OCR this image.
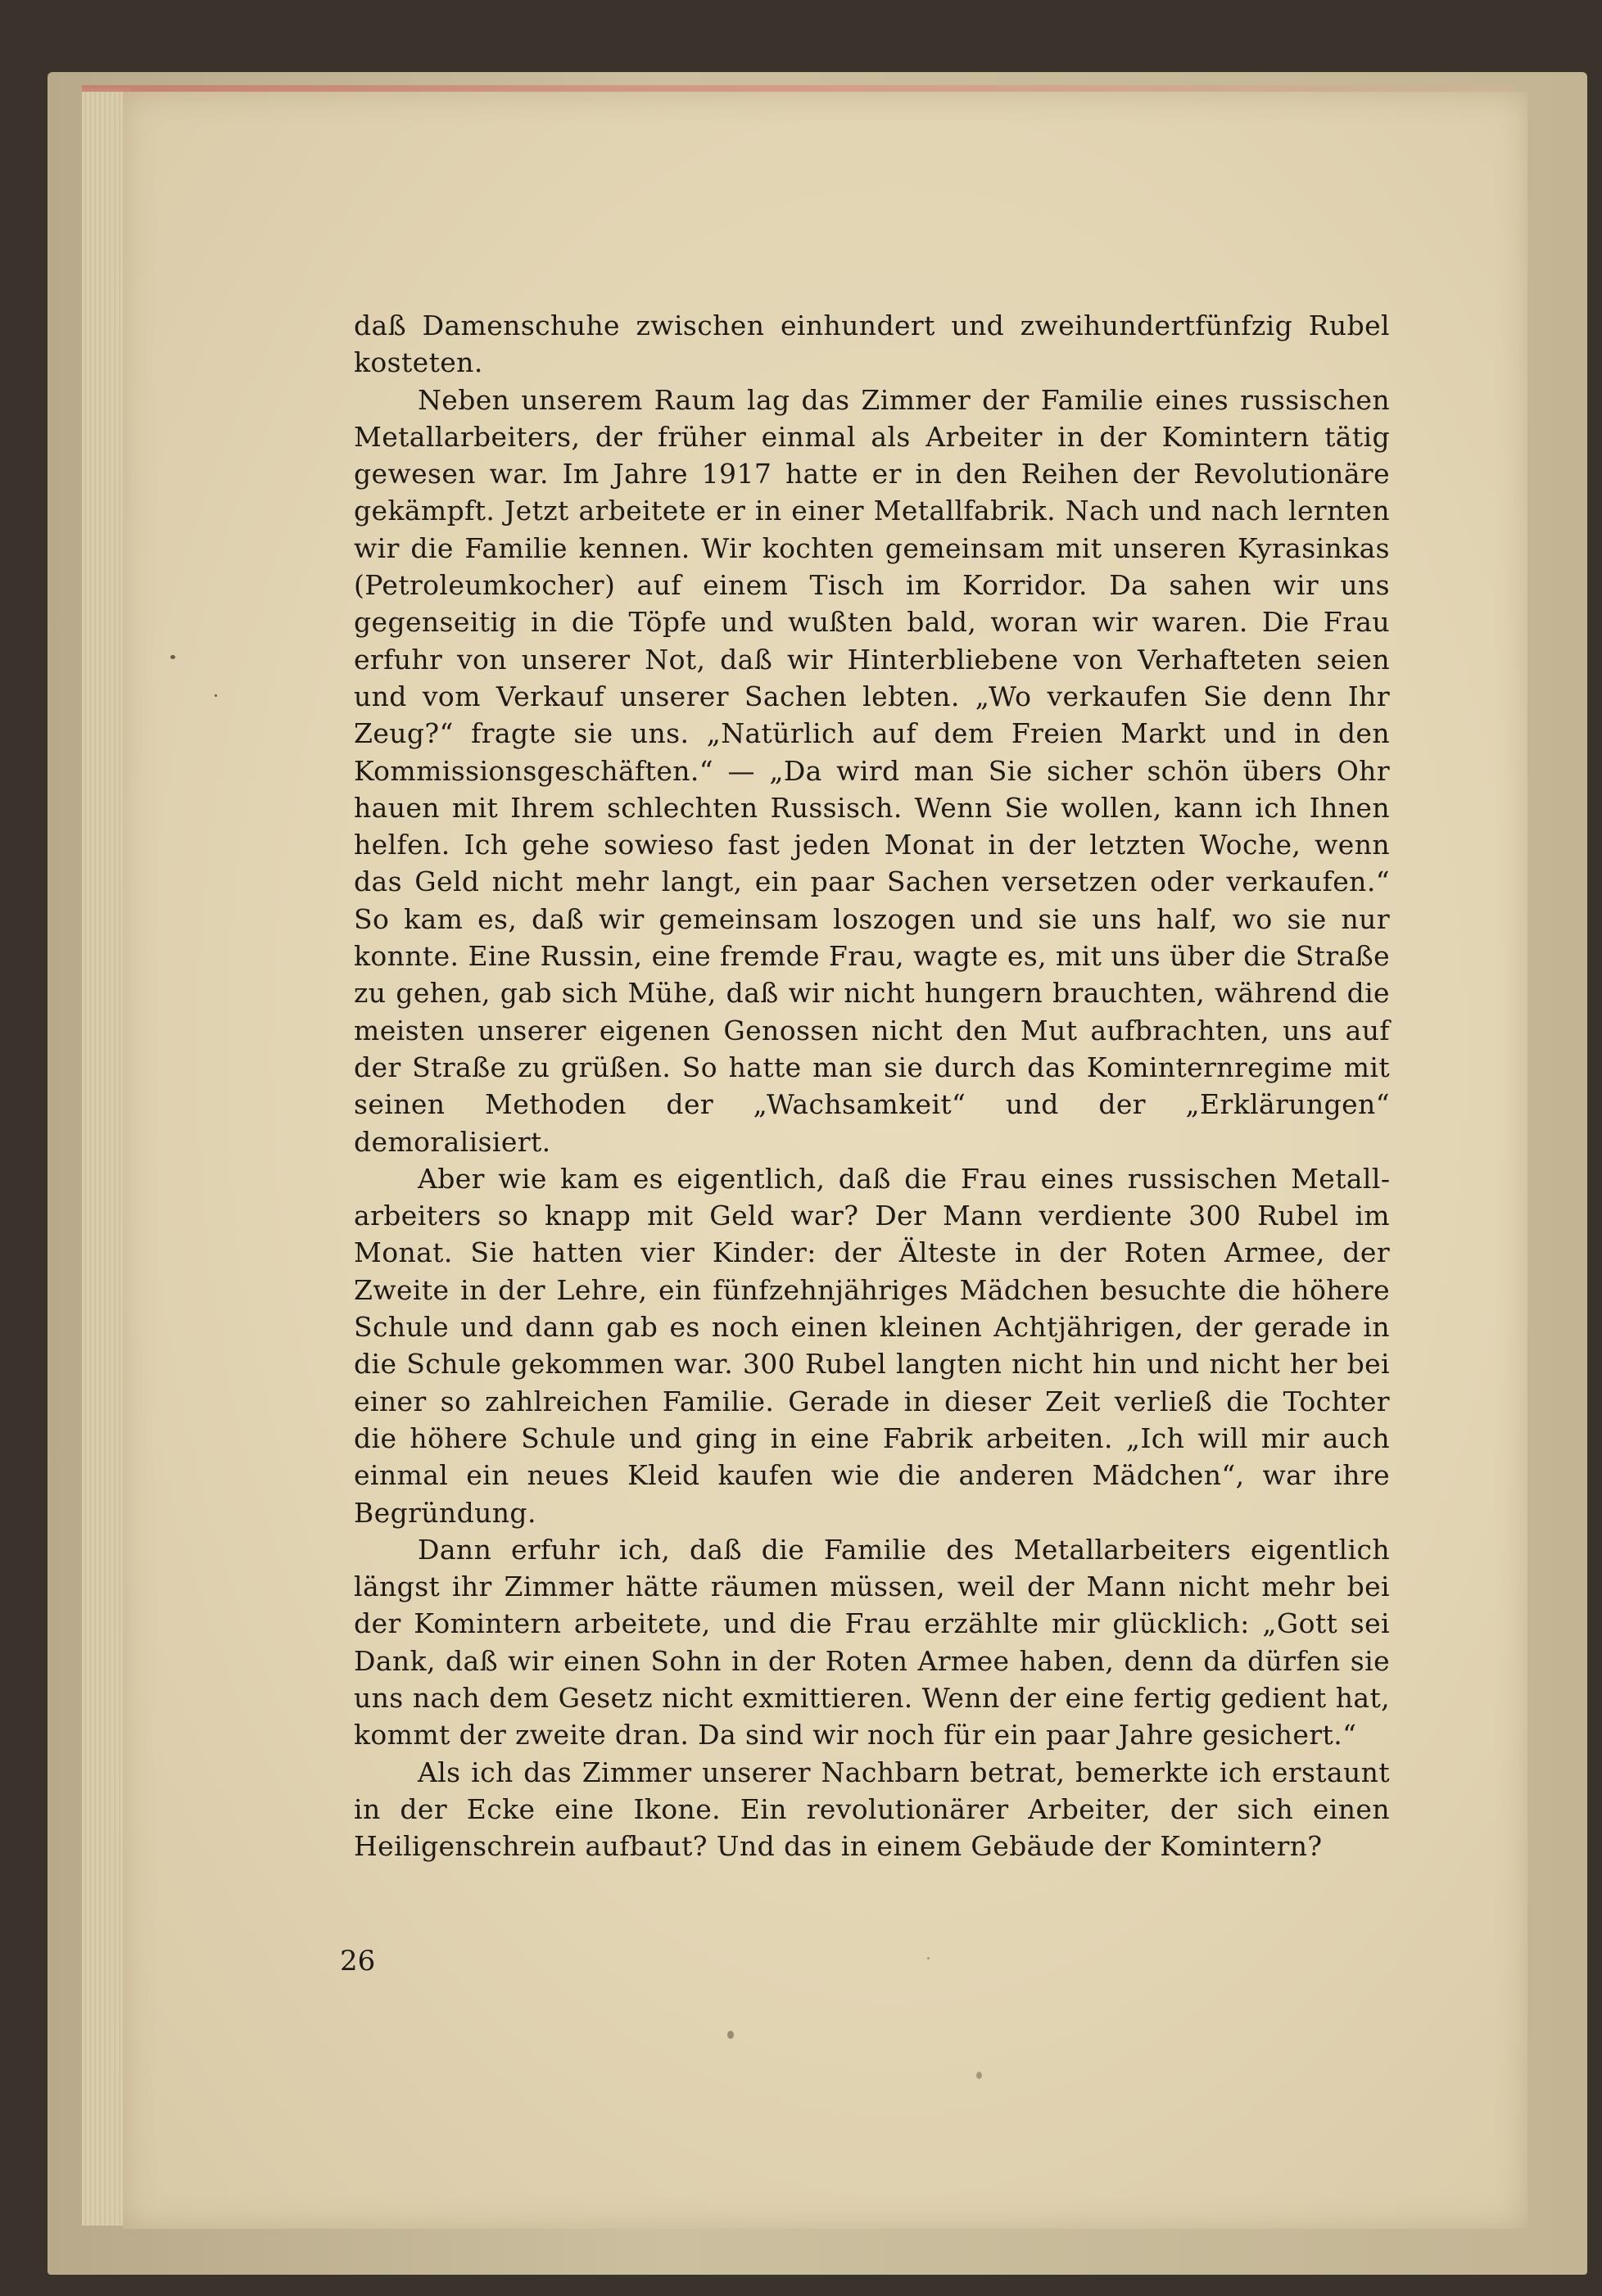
daß Damenschuhe zwischen einhundert und zweihundertfünfzig Rubel kosteten.

Neben unserem Raum lag das Zimmer der Familie eines russischen Metallarbeiters, der früher einmal als Arbeiter in der Komintern tätig gewesen war. Im Jahre 1917 hatte er in den Reihen der Revolutionäre gekämpft. Jetzt arbeitete er in einer Metallfabrik. Nach und nach lernten wir die Familie kennen. Wir kochten gemeinsam mit unseren Kyrasinkas (Petroleumkocher) auf einem Tisch im Korridor. Da sahen wir uns gegenseitig in die Töpfe und wußten bald, woran wir waren. Die Frau erfuhr von unserer Not, daß wir Hinterbliebene von Verhafteten seien und vom Verkauf unserer Sachen lebten. „Wo verkaufen Sie denn Ihr Zeug?“ fragte sie uns. „Natürlich auf dem Freien Markt und in den Kommissionsgeschäften.“ — „Da wird man Sie sicher schön übers Ohr hauen mit Ihrem schlechten Russisch. Wenn Sie wollen, kann ich Ihnen helfen. Ich gehe sowieso fast jeden Monat in der letzten Woche, wenn das Geld nicht mehr langt, ein paar Sachen versetzen oder verkaufen.“ So kam es, daß wir gemeinsam loszogen und sie uns half, wo sie nur konnte. Eine Russin, eine fremde Frau, wagte es, mit uns über die Straße zu gehen, gab sich Mühe, daß wir nicht hungern brauchten, während die meisten unserer eigenen Genossen nicht den Mut aufbrachten, uns auf der Straße zu grüßen. So hatte man sie durch das Kominternregime mit seinen Methoden der „Wachsamkeit“ und der „Erklärungen“ demoralisiert.

Aber wie kam es eigentlich, daß die Frau eines russischen Metallarbeiters so knapp mit Geld war? Der Mann verdiente 300 Rubel im Monat. Sie hatten vier Kinder: der Älteste in der Roten Armee, der Zweite in der Lehre, ein fünfzehnjähriges Mädchen besuchte die höhere Schule und dann gab es noch einen kleinen Achtjährigen, der gerade in die Schule gekommen war. 300 Rubel langten nicht hin und nicht her bei einer so zahlreichen Familie. Gerade in dieser Zeit verließ die Tochter die höhere Schule und ging in eine Fabrik arbeiten. „Ich will mir auch einmal ein neues Kleid kaufen wie die anderen Mädchen“, war ihre Begründung.

Dann erfuhr ich, daß die Familie des Metallarbeiters eigentlich längst ihr Zimmer hätte räumen müssen, weil der Mann nicht mehr bei der Komintern arbeitete, und die Frau erzählte mir glücklich: „Gott sei Dank, daß wir einen Sohn in der Roten Armee haben, denn da dürfen sie uns nach dem Gesetz nicht exmittieren. Wenn der eine fertig gedient hat, kommt der zweite dran. Da sind wir noch für ein paar Jahre gesichert.“

Als ich das Zimmer unserer Nachbarn betrat, bemerkte ich erstaunt in der Ecke eine Ikone. Ein revolutionärer Arbeiter, der sich einen Heiligenschrein aufbaut? Und das in einem Gebäude der Komintern?

26
